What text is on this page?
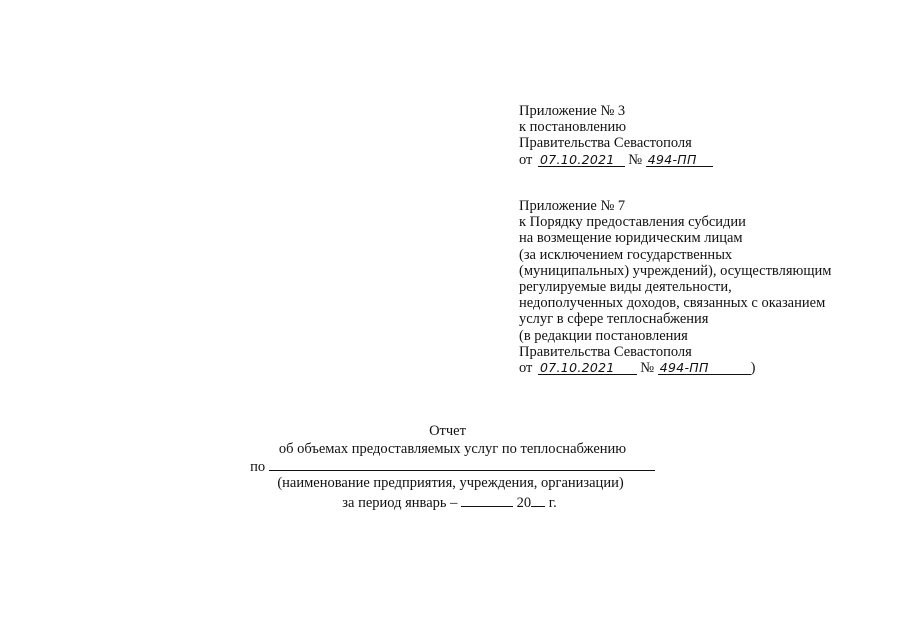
Приложение № 3
к постановлению
Правительства Севастополя
от 07.10.2021 № 494-ПП
Приложение № 7
к Порядку предоставления субсидии
на возмещение юридическим лицам
(за исключением государственных
(муниципальных) учреждений), осуществляющим
регулируемые виды деятельности,
недополученных доходов, связанных с оказанием
услуг в сфере теплоснабжения
(в редакции постановления
Правительства Севастополя
от 07.10.2021 № 494-ПП	)
Отчет
об объемах предоставляемых услуг по теплоснабжению
по
(наименование предприятия, учреждения, организации)
за период январь –	20 г.
